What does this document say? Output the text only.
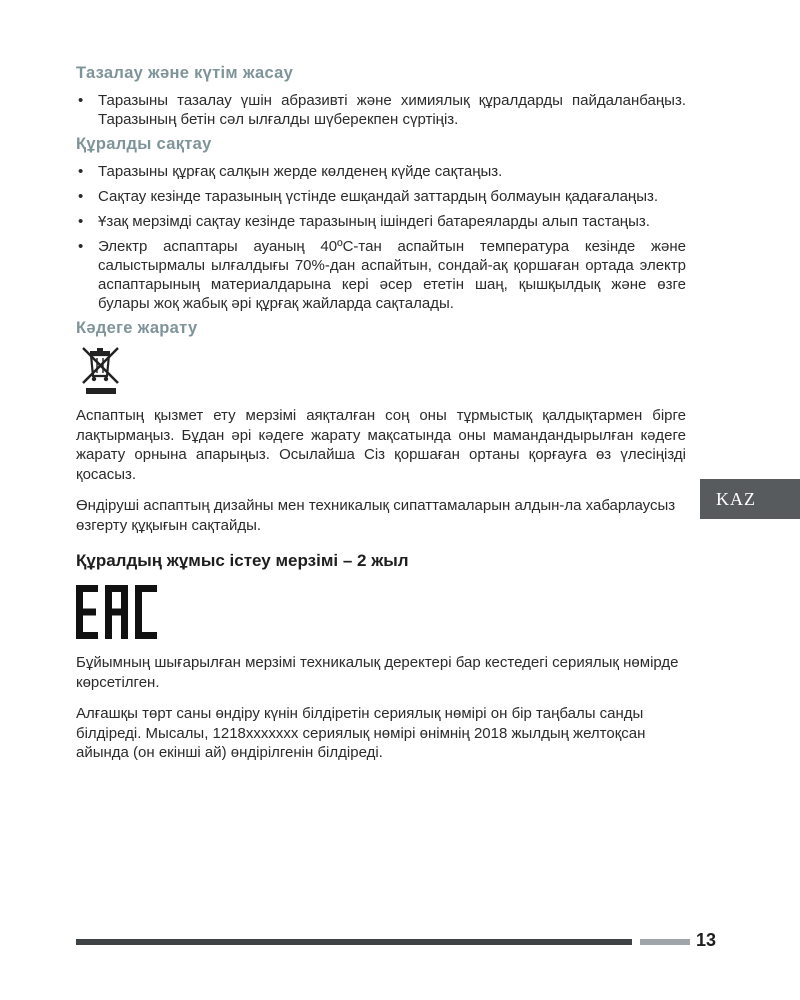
Тазалау және күтім жасау
• Таразыны тазалау үшін абразивті және химиялық құралдарды пайдаланбаңыз. Таразының бетін сәл ылғалды шүберекпен сүртіңіз.
Құралды сақтау
• Таразыны құрғақ салқын жерде көлденең күйде сақтаңыз.
• Сақтау кезінде таразының үстінде ешқандай заттардың болмауын қадағалаңыз.
• Ұзақ мерзімді сақтау кезінде таразының ішіндегі батареяларды алып тастаңыз.
• Электр аспаптары ауаның 40ºС-тан аспайтын температура кезінде және салыстырмалы ылғалдығы 70%-дан аспайтын, сондай-ақ қоршаған ортада электр аспаптарының материалдарына кері әсер ететін шаң, қышқылдық және өзге булары жоқ жабық әрі құрғақ жайларда сақталады.
Кәдеге жарату

Аспаптың қызмет ету мерзімі аяқталған соң оны тұрмыстық қалдықтармен бірге лақтырмаңыз. Бұдан әрі кәдеге жарату мақсатында оны мамандандырылған кәдеге жарату орнына апарыңыз. Осылайша Сіз қоршаған ортаны қорғауға өз үлесіңізді қосасыз.

Өндіруші аспаптың дизайны мен техникалық сипаттамаларын алдын-ла хабарлаусыз өзгерту құқығын сақтайды.

Құралдың жұмыс істеу мерзімі – 2 жыл

Бұйымның шығарылған мерзімі техникалық деректері бар кестедегі сериялық нөмірде көрсетілген.

Алғашқы төрт саны өндіру күнін білдіретін сериялық нөмірі он бір таңбалы санды білдіреді. Мысалы, 1218ххххххх сериялық нөмірі өнімнің 2018 жылдың желтоқсан айында (он екінші ай) өндірілгенін білдіреді.

KAZ
13
